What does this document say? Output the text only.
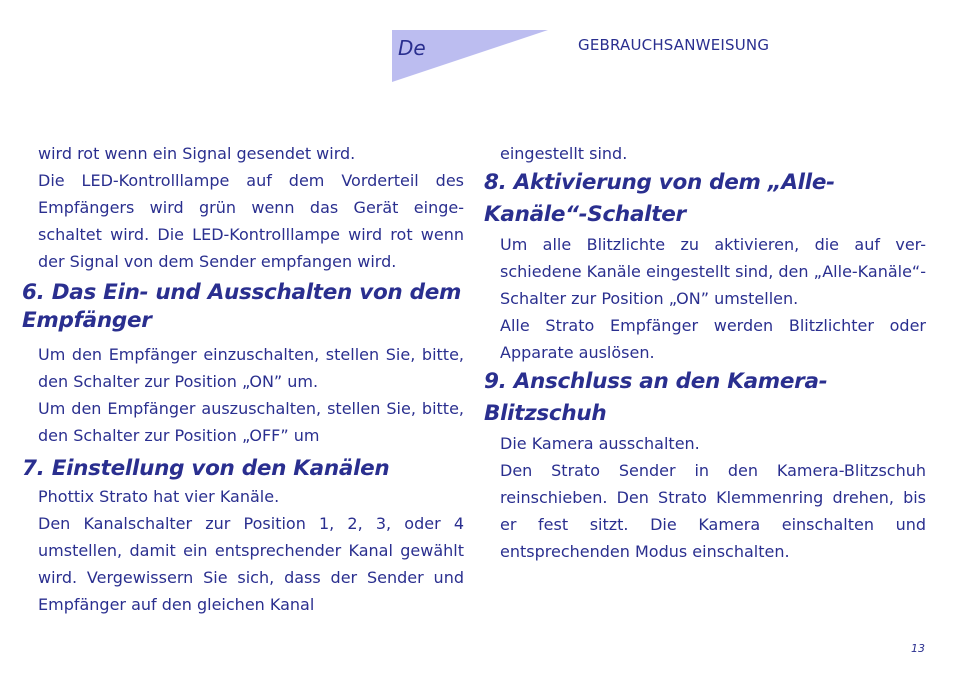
De	GEBRAUCHSANWEISUNG

wird rot wenn ein Signal gesendet wird.

Die LED-Kontrolllampe auf dem Vorderteil des Empfängers wird grün wenn das Gerät einge-schaltet wird. Die LED-Kontrolllampe wird rot wenn der Signal von dem Sender empfangen wird.

6. Das Ein- und Ausschalten von dem Empfänger

Um den Empfänger einzuschalten, stellen Sie, bitte, den Schalter zur Position „ON” um.

Um den Empfänger auszuschalten, stellen Sie, bitte, den Schalter zur Position „OFF” um

7. Einstellung von den Kanälen

Phottix Strato hat vier Kanäle.

Den Kanalschalter zur Position 1, 2, 3, oder 4 umstellen, damit ein entsprechender Kanal gewählt wird. Vergewissern Sie sich, dass der Sender und Empfänger auf den gleichen Kanal

eingestellt sind.

8. Aktivierung von dem „Alle-Kanäle“-Schalter

Um alle Blitzlichte zu aktivieren, die auf ver-schiedene Kanäle eingestellt sind, den „Alle-Kanäle“-Schalter zur Position „ON” umstellen.

Alle Strato Empfänger werden Blitzlichter oder Apparate auslösen.

9. Anschluss an den Kamera-Blitzschuh

Die Kamera ausschalten.

Den Strato Sender in den Kamera-Blitzschuh reinschieben. Den Strato Klemmenring drehen, bis er fest sitzt. Die Kamera einschalten und entsprechenden Modus einschalten.

13
